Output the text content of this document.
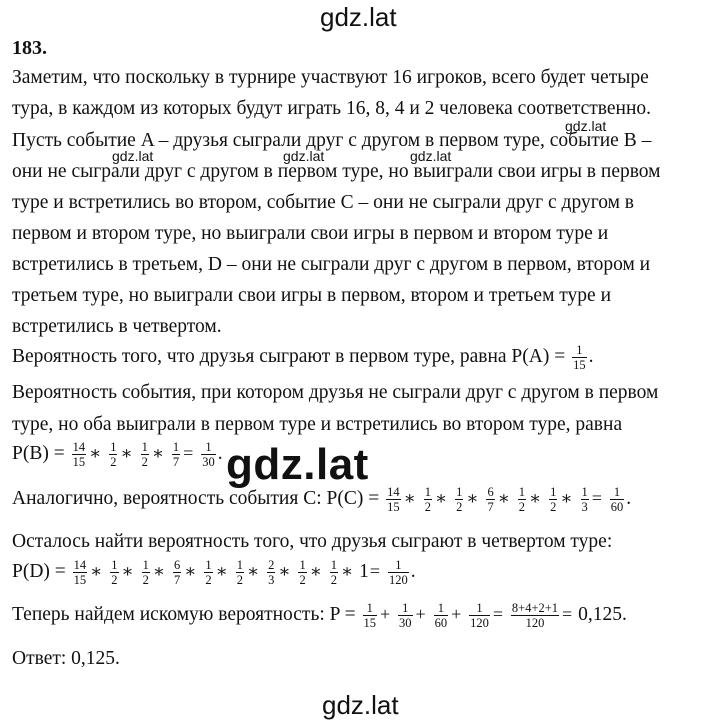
gdz.lat
gdz.lat
gdz.lat	gdz.lat	gdz.lat
gdz.lat
gdz.lat
183.
Заметим, что поскольку в турнире участвуют 16 игроков, всего будет четыре
тура, в каждом из которых будут играть 16, 8, 4 и 2 человека соответственно.
Пусть событие A – друзья сыграли друг с другом в первом туре, событие B –
они не сыграли друг с другом в первом туре, но выиграли свои игры в первом
туре и встретились во втором, событие C – они не сыграли друг с другом в
первом и втором туре, но выиграли свои игры в первом и втором туре и
встретились в третьем, D – они не сыграли друг с другом в первом, втором и
третьем туре, но выиграли свои игры в первом, втором и третьем туре и
встретились в четвертом.
Вероятность того, что друзья сыграют в первом туре, равна $P(A) = \frac{1}{15}$ .
Вероятность события, при котором друзья не сыграли друг с другом в первом
туре, но оба выиграли в первом туре и встретились во втором туре, равна
$P(B) = \frac{14}{15}$ ∗ $\frac{1}{2}$ ∗ $\frac{1}{2}$ ∗ $\frac{1}{7} = \frac{1}{30}$ .
Аналогично, вероятность события C: $P(C) = \frac{14}{15}$ ∗ $\frac{1}{2}$ ∗ $\frac{1}{2}$ ∗ $\frac{6}{7}$ ∗ $\frac{1}{2}$ ∗ $\frac{1}{2}$ ∗ $\frac{1}{3} = \frac{1}{60}$ .
Осталось найти вероятность того, что друзья сыграют в четвертом туре:
$P(D) = \frac{14}{15}$ ∗ $\frac{1}{2}$ ∗ $\frac{1}{2}$ ∗ $\frac{6}{7}$ ∗ $\frac{1}{2}$ ∗ $\frac{1}{2}$ ∗ $\frac{2}{3}$ ∗ $\frac{1}{2}$ ∗ $\frac{1}{2}$ ∗ $1= \frac{1}{120}$ .
Теперь найдем искомую вероятность: $P = \frac{1}{15} + \frac{1}{30} + \frac{1}{60} + \frac{1}{120} = \frac{8+4+2+1}{120} = 0,125$.
Ответ: 0,125.
